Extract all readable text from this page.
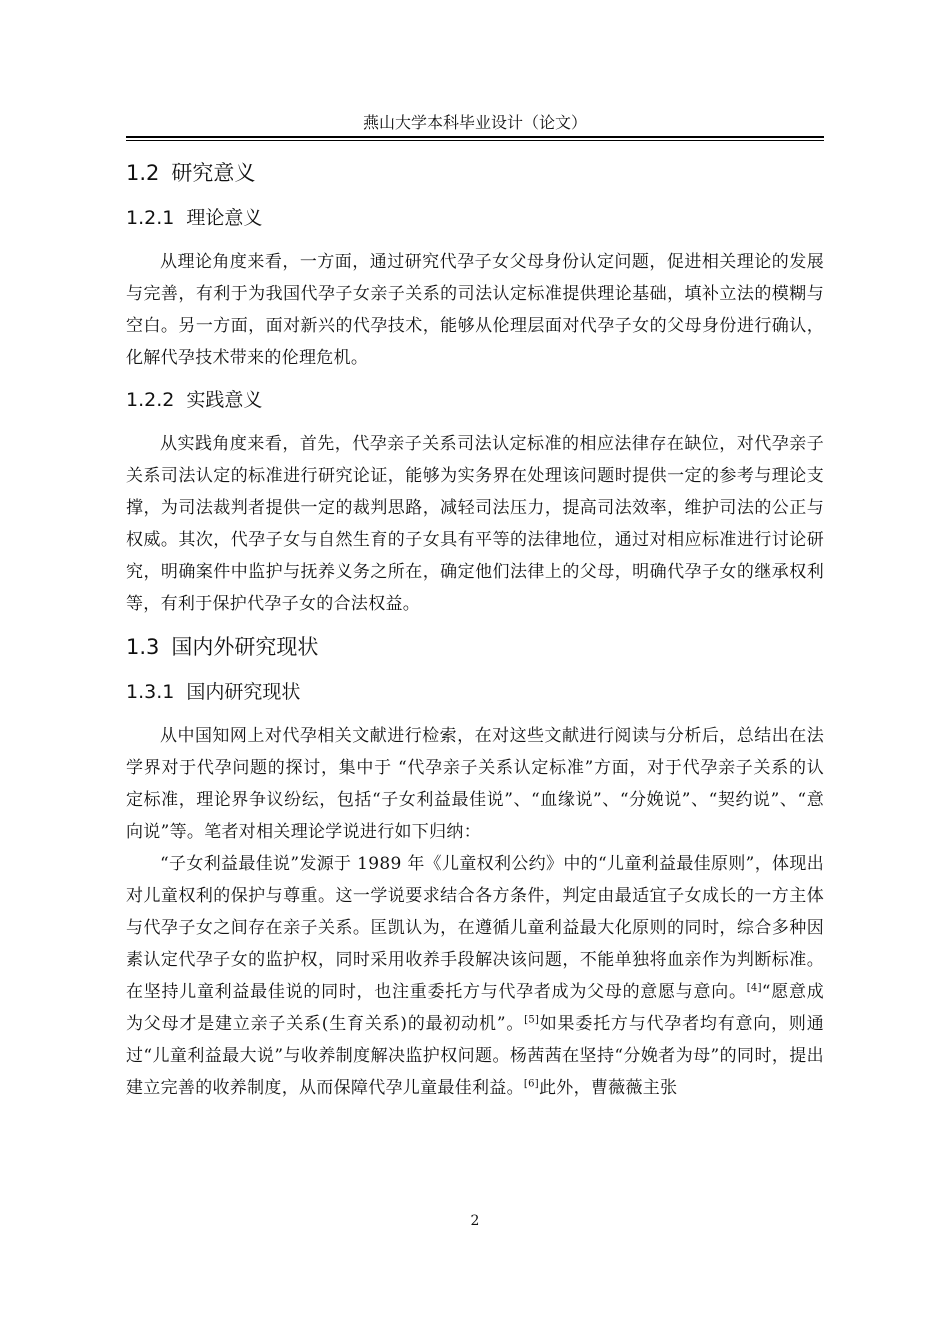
燕山大学本科毕业设计（论文）
1.2 研究意义
1.2.1 理论意义

从理论角度来看，一方面，通过研究代孕子女父母身份认定问题，促进相关理论的发展与完善，有利于为我国代孕子女亲子关系的司法认定标准提供理论基础，填补立法的模糊与空白。另一方面，面对新兴的代孕技术，能够从伦理层面对代孕子女的父母身份进行确认，化解代孕技术带来的伦理危机。

1.2.2 实践意义

从实践角度来看，首先，代孕亲子关系司法认定标准的相应法律存在缺位，对代孕亲子关系司法认定的标准进行研究论证，能够为实务界在处理该问题时提供一定的参考与理论支撑，为司法裁判者提供一定的裁判思路，减轻司法压力，提高司法效率，维护司法的公正与权威。其次，代孕子女与自然生育的子女具有平等的法律地位，通过对相应标准进行讨论研究，明确案件中监护与抚养义务之所在，确定他们法律上的父母，明确代孕子女的继承权利等，有利于保护代孕子女的合法权益。

1.3 国内外研究现状
1.3.1 国内研究现状

从中国知网上对代孕相关文献进行检索，在对这些文献进行阅读与分析后，总结出在法学界对于代孕问题的探讨，集中于 “代孕亲子关系认定标准”方面，对于代孕亲子关系的认定标准，理论界争议纷纭，包括“子女利益最佳说”、“血缘说”、“分娩说”、“契约说”、“意向说”等。笔者对相关理论学说进行如下归纳：

“子女利益最佳说”发源于 1989 年《儿童权利公约》中的“儿童利益最佳原则”，体现出对儿童权利的保护与尊重。这一学说要求结合各方条件，判定由最适宜子女成长的一方主体与代孕子女之间存在亲子关系。匡凯认为，在遵循儿童利益最大化原则的同时，综合多种因素认定代孕子女的监护权，同时采用收养手段解决该问题，不能单独将血亲作为判断标准。在坚持儿童利益最佳说的同时，也注重委托方与代孕者成为父母的意愿与意向。[4]“愿意成为父母才是建立亲子关系(生育关系)的最初动机”。[5]如果委托方与代孕者均有意向，则通过“儿童利益最大说”与收养制度解决监护权问题。杨茜茜在坚持“分娩者为母”的同时，提出建立完善的收养制度，从而保障代孕儿童最佳利益。[6]此外，曹薇薇主张

2
